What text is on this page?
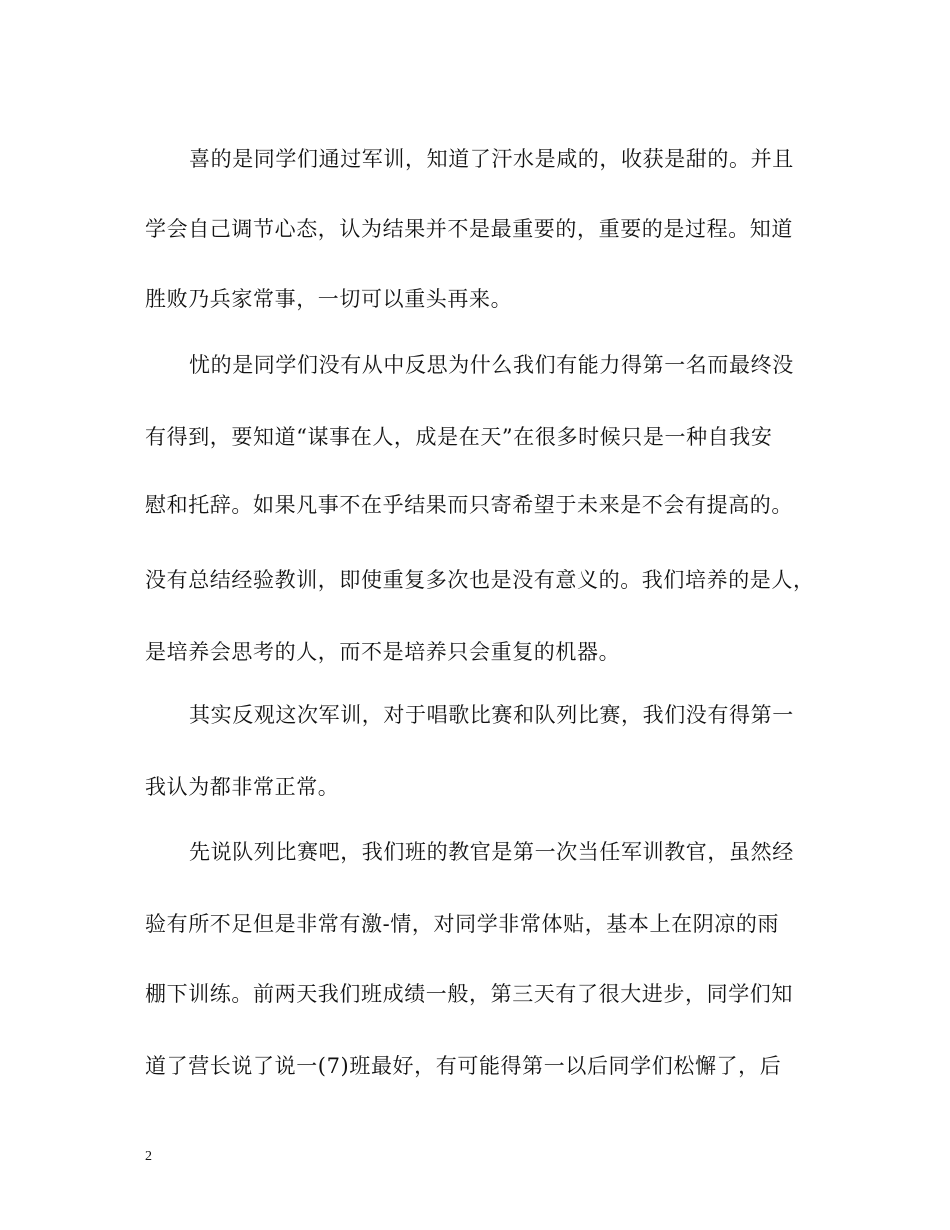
喜的是同学们通过军训，知道了汗水是咸的，收获是甜的。并且
学会自己调节心态，认为结果并不是最重要的，重要的是过程。知道
胜败乃兵家常事，一切可以重头再来。
忧的是同学们没有从中反思为什么我们有能力得第一名而最终没
有得到，要知道“谋事在人，成是在天”在很多时候只是一种自我安
慰和托辞。如果凡事不在乎结果而只寄希望于未来是不会有提高的。
没有总结经验教训，即使重复多次也是没有意义的。我们培养的是人，
是培养会思考的人，而不是培养只会重复的机器。
其实反观这次军训，对于唱歌比赛和队列比赛，我们没有得第一
我认为都非常正常。
先说队列比赛吧，我们班的教官是第一次当任军训教官，虽然经
验有所不足但是非常有激-情，对同学非常体贴，基本上在阴凉的雨
棚下训练。前两天我们班成绩一般，第三天有了很大进步，同学们知
道了营长说了说一(7)班最好，有可能得第一以后同学们松懈了，后
2
